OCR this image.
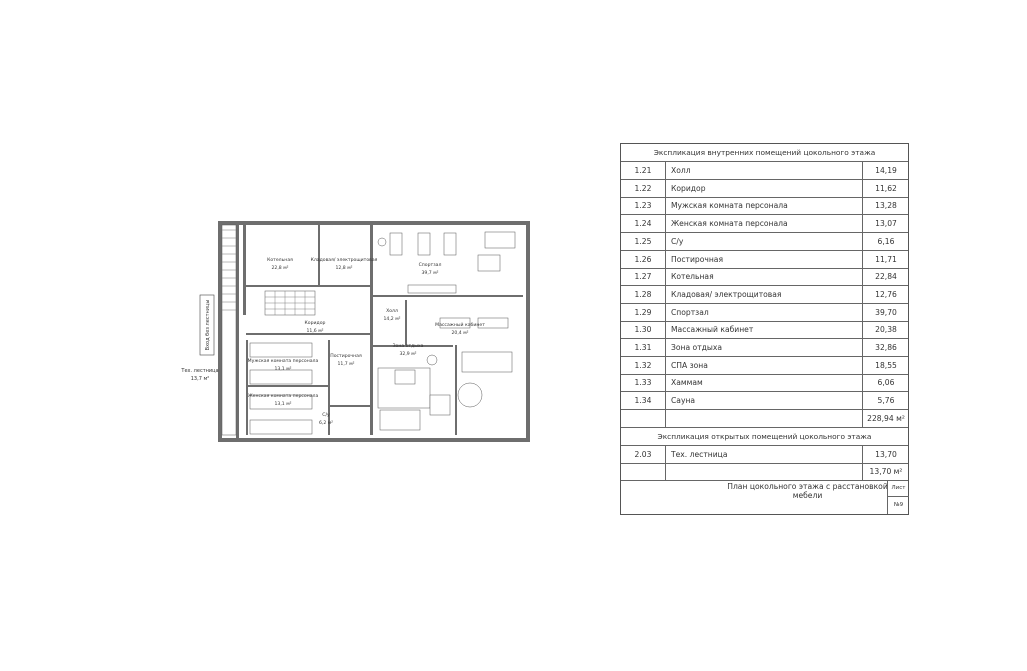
Котельная
22,8 м²
Кладовая/ электрощитовая
12,8 м²
Спортзал
39,7 м²
Холл
14,2 м²
Массажный кабинет
20,4 м²
Коридор
11,6 м²
Зона отдыха
32,9 м²
Мужская комната персонала
13,1 м²
Женская комната персонала
13,1 м²
Постирочная
11,7 м²
С/у
6,2 м²
Тех. лестница
13,7 м²
Вход без лестницы
Экспликация внутренних помещений цокольного этажа
1.21	Холл	14,19
1.22	Коридор	11,62
1.23	Мужская комната персонала	13,28
1.24	Женская комната персонала	13,07
1.25	С/у	6,16
1.26	Постирочная	11,71
1.27	Котельная	22,84
1.28	Кладовая/ электрощитовая	12,76
1.29	Спортзал	39,70
1.30	Массажный кабинет	20,38
1.31	Зона отдыха	32,86
1.32	СПА зона	18,55
1.33	Хаммам	6,06
1.34	Сауна	5,76
228,94 м²
Экспликация открытых помещений цокольного этажа
2.03	Тех. лестница	13,70
13,70 м²
План цокольного этажа с расстановкой мебели
Лист
№9
